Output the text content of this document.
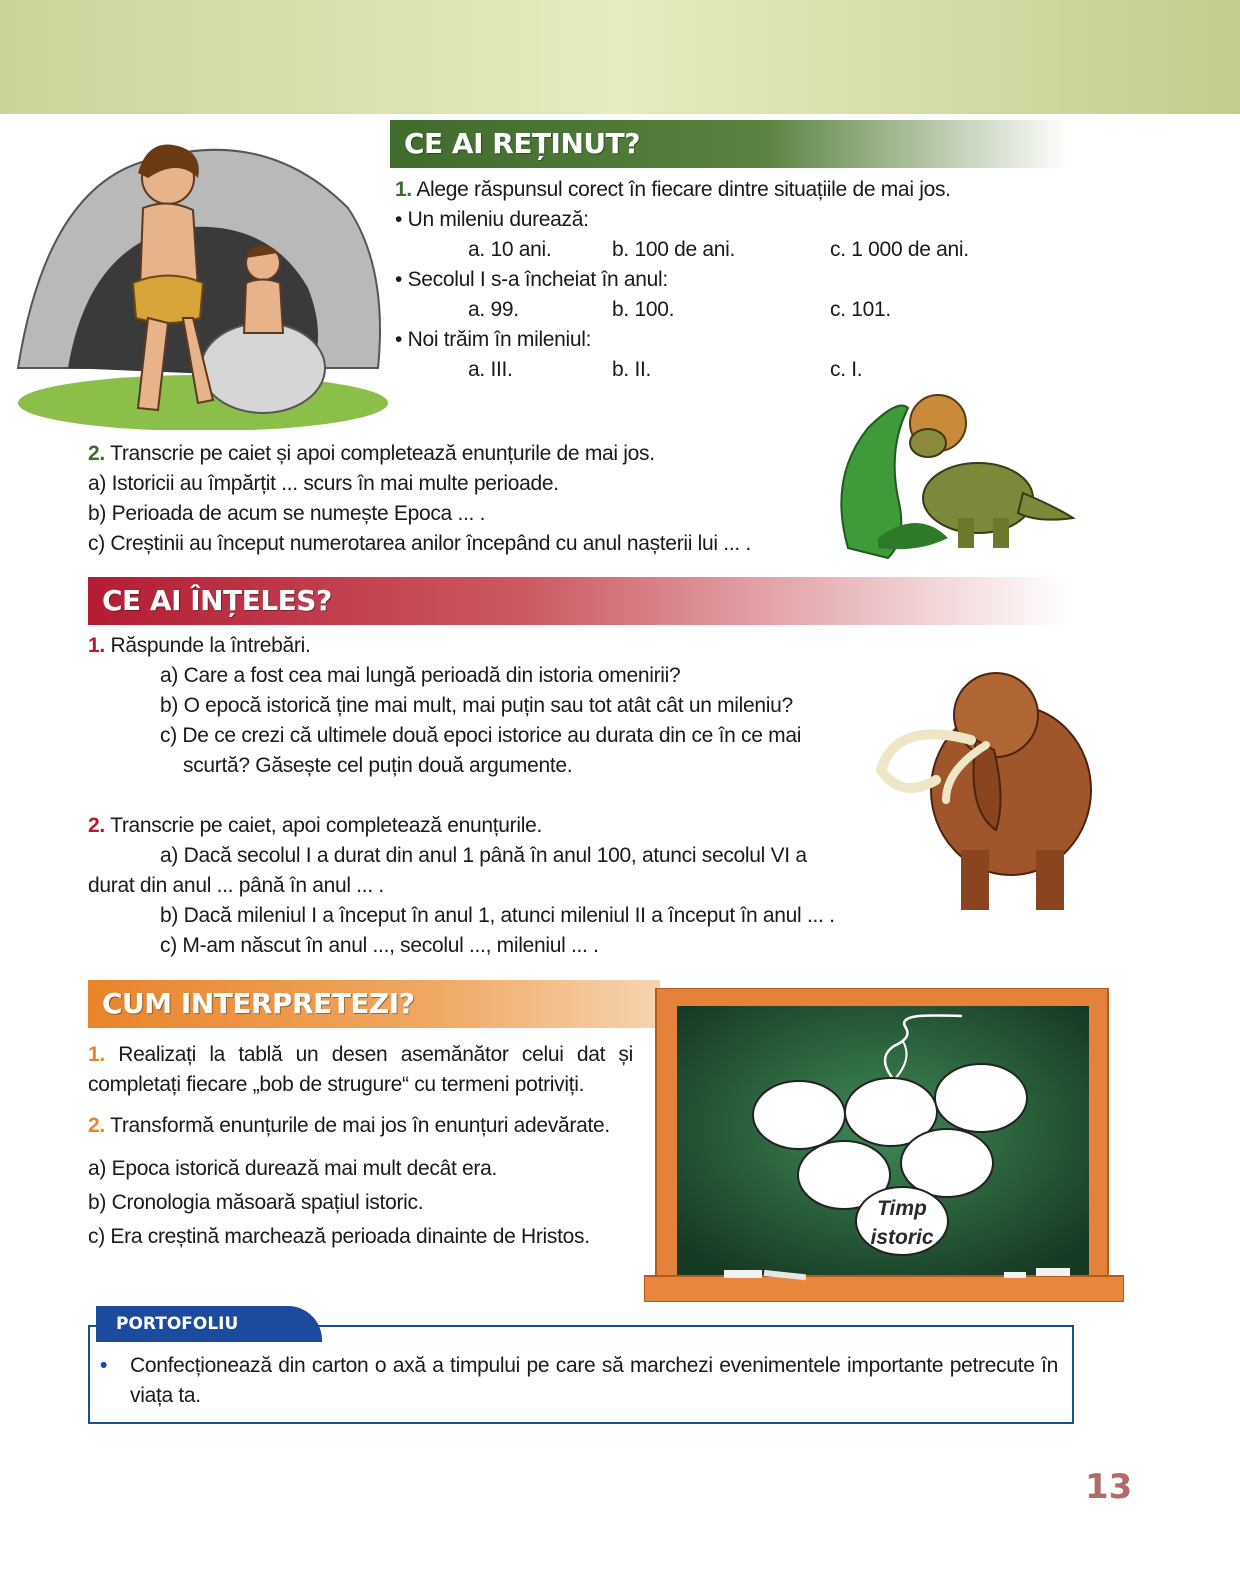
CE AI REȚINUT?
1. Alege răspunsul corect în fiecare dintre situațiile de mai jos.
• Un mileniu durează:
a. 10 ani.	b. 100 de ani.	c. 1 000 de ani.
• Secolul I s-a încheiat în anul:
a. 99.	b. 100.	c. 101.
• Noi trăim în mileniul:
a. III.	b. II.	c. I.
2. Transcrie pe caiet și apoi completează enunțurile de mai jos.
a) Istoricii au împărțit ... scurs în mai multe perioade.
b) Perioada de acum se numește Epoca ... .
c) Creștinii au început numerotarea anilor începând cu anul nașterii lui ... .
CE AI ÎNȚELES?
1. Răspunde la întrebări.
a) Care a fost cea mai lungă perioadă din istoria omenirii?
b) O epocă istorică ține mai mult, mai puțin sau tot atât cât un mileniu?
c) De ce crezi că ultimele două epoci istorice au durata din ce în ce mai
scurtă? Găsește cel puțin două argumente.
2. Transcrie pe caiet, apoi completează enunțurile.
a) Dacă secolul I a durat din anul 1 până în anul 100, atunci secolul VI a
durat din anul ... până în anul ... .
b) Dacă mileniul I a început în anul 1, atunci mileniul II a început în anul ... .
c) M-am născut în anul ..., secolul ..., mileniul ... .
CUM INTERPRETEZI?
1. Realizați la tablă un desen asemănător celui dat și completați fiecare „bob de strugure“ cu termeni potriviți.
2. Transformă enunțurile de mai jos în enunțuri adevărate.
a) Epoca istorică durează mai mult decât era.
b) Cronologia măsoară spațiul istoric.
c) Era creștină marchează perioada dinainte de Hristos.
Timp
istoric
PORTOFOLIU
• Confecționează din carton o axă a timpului pe care să marchezi evenimentele importante petrecute în viața ta.
13
